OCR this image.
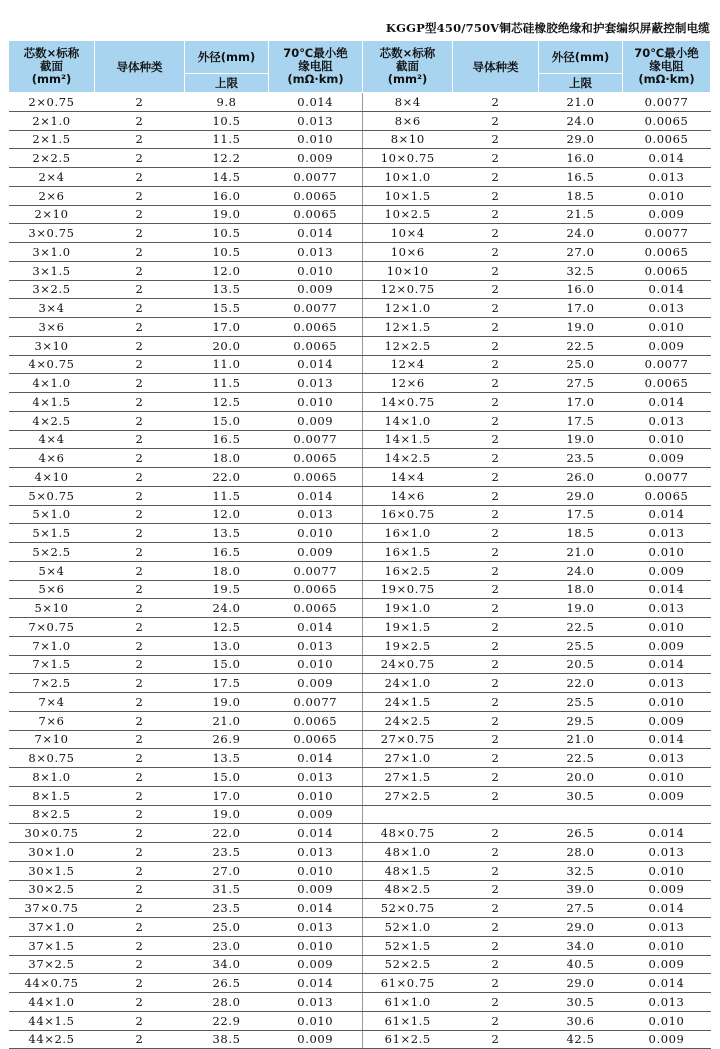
KGGP型450/750V铜芯硅橡胶绝缘和护套编织屏蔽控制电缆
芯数×标称
截面
(mm²)	导体种类	外径(mm)	70℃最小绝
缘电阻
(mΩ·km)	芯数×标称
截面
(mm²)	导体种类	外径(mm)	70℃最小绝
缘电阻
(mΩ·km)

		上限				上限	
2×0.75	2	9.8	0.014	8×4	2	21.0	0.0077
2×1.0	2	10.5	0.013	8×6	2	24.0	0.0065
2×1.5	2	11.5	0.010	8×10	2	29.0	0.0065
2×2.5	2	12.2	0.009	10×0.75	2	16.0	0.014
2×4	2	14.5	0.0077	10×1.0	2	16.5	0.013
2×6	2	16.0	0.0065	10×1.5	2	18.5	0.010
2×10	2	19.0	0.0065	10×2.5	2	21.5	0.009
3×0.75	2	10.5	0.014	10×4	2	24.0	0.0077
3×1.0	2	10.5	0.013	10×6	2	27.0	0.0065
3×1.5	2	12.0	0.010	10×10	2	32.5	0.0065
3×2.5	2	13.5	0.009	12×0.75	2	16.0	0.014
3×4	2	15.5	0.0077	12×1.0	2	17.0	0.013
3×6	2	17.0	0.0065	12×1.5	2	19.0	0.010
3×10	2	20.0	0.0065	12×2.5	2	22.5	0.009
4×0.75	2	11.0	0.014	12×4	2	25.0	0.0077
4×1.0	2	11.5	0.013	12×6	2	27.5	0.0065
4×1.5	2	12.5	0.010	14×0.75	2	17.0	0.014
4×2.5	2	15.0	0.009	14×1.0	2	17.5	0.013
4×4	2	16.5	0.0077	14×1.5	2	19.0	0.010
4×6	2	18.0	0.0065	14×2.5	2	23.5	0.009
4×10	2	22.0	0.0065	14×4	2	26.0	0.0077
5×0.75	2	11.5	0.014	14×6	2	29.0	0.0065
5×1.0	2	12.0	0.013	16×0.75	2	17.5	0.014
5×1.5	2	13.5	0.010	16×1.0	2	18.5	0.013
5×2.5	2	16.5	0.009	16×1.5	2	21.0	0.010
5×4	2	18.0	0.0077	16×2.5	2	24.0	0.009
5×6	2	19.5	0.0065	19×0.75	2	18.0	0.014
5×10	2	24.0	0.0065	19×1.0	2	19.0	0.013
7×0.75	2	12.5	0.014	19×1.5	2	22.5	0.010
7×1.0	2	13.0	0.013	19×2.5	2	25.5	0.009
7×1.5	2	15.0	0.010	24×0.75	2	20.5	0.014
7×2.5	2	17.5	0.009	24×1.0	2	22.0	0.013
7×4	2	19.0	0.0077	24×1.5	2	25.5	0.010
7×6	2	21.0	0.0065	24×2.5	2	29.5	0.009
7×10	2	26.9	0.0065	27×0.75	2	21.0	0.014
8×0.75	2	13.5	0.014	27×1.0	2	22.5	0.013
8×1.0	2	15.0	0.013	27×1.5	2	20.0	0.010
8×1.5	2	17.0	0.010	27×2.5	2	30.5	0.009
8×2.5	2	19.0	0.009				
30×0.75	2	22.0	0.014	48×0.75	2	26.5	0.014
30×1.0	2	23.5	0.013	48×1.0	2	28.0	0.013
30×1.5	2	27.0	0.010	48×1.5	2	32.5	0.010
30×2.5	2	31.5	0.009	48×2.5	2	39.0	0.009
37×0.75	2	23.5	0.014	52×0.75	2	27.5	0.014
37×1.0	2	25.0	0.013	52×1.0	2	29.0	0.013
37×1.5	2	23.0	0.010	52×1.5	2	34.0	0.010
37×2.5	2	34.0	0.009	52×2.5	2	40.5	0.009
44×0.75	2	26.5	0.014	61×0.75	2	29.0	0.014
44×1.0	2	28.0	0.013	61×1.0	2	30.5	0.013
44×1.5	2	22.9	0.010	61×1.5	2	30.6	0.010
44×2.5	2	38.5	0.009	61×2.5	2	42.5	0.009
